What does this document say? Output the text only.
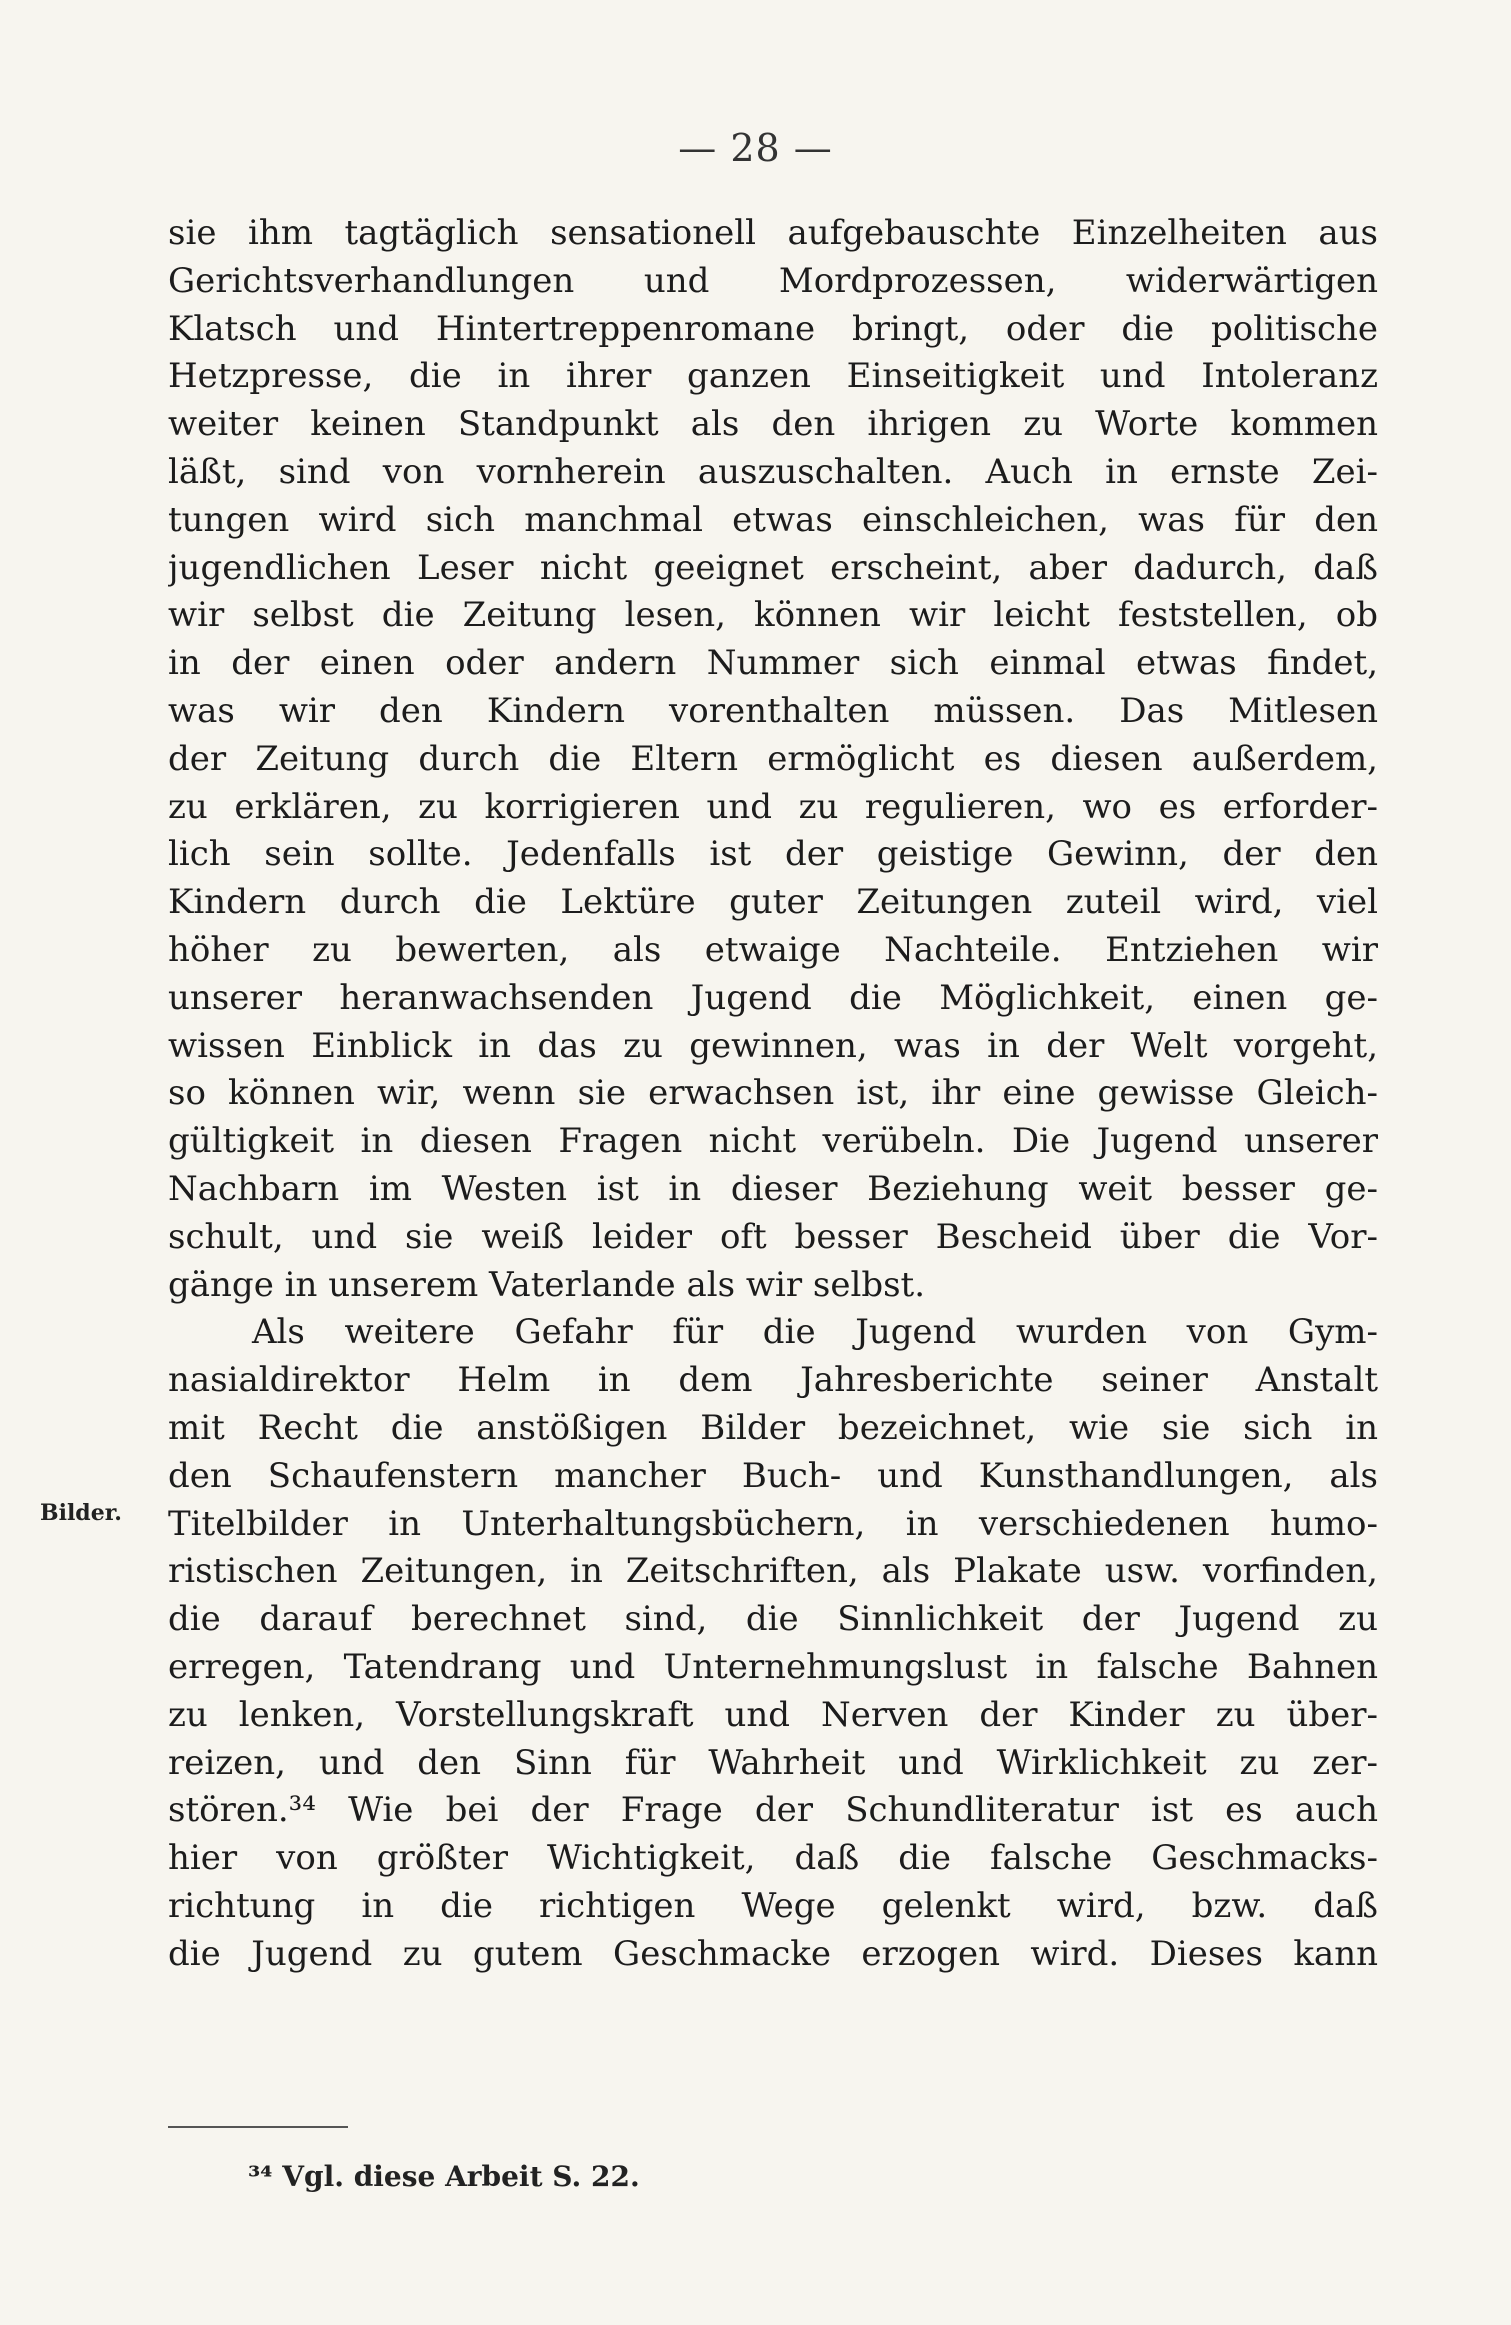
— 28 —
Bilder.
sie ihm tagtäglich sensationell aufgebauschte Einzelheiten aus
Gerichtsverhandlungen und Mordprozessen, widerwärtigen
Klatsch und Hintertreppenromane bringt, oder die politische
Hetzpresse, die in ihrer ganzen Einseitigkeit und Intoleranz
weiter keinen Standpunkt als den ihrigen zu Worte kommen
läßt, sind von vornherein auszuschalten. Auch in ernste Zei-
tungen wird sich manchmal etwas einschleichen, was für den
jugendlichen Leser nicht geeignet erscheint, aber dadurch, daß
wir selbst die Zeitung lesen, können wir leicht feststellen, ob
in der einen oder andern Nummer sich einmal etwas findet,
was wir den Kindern vorenthalten müssen. Das Mitlesen
der Zeitung durch die Eltern ermöglicht es diesen außerdem,
zu erklären, zu korrigieren und zu regulieren, wo es erforder-
lich sein sollte. Jedenfalls ist der geistige Gewinn, der den
Kindern durch die Lektüre guter Zeitungen zuteil wird, viel
höher zu bewerten, als etwaige Nachteile. Entziehen wir
unserer heranwachsenden Jugend die Möglichkeit, einen ge-
wissen Einblick in das zu gewinnen, was in der Welt vorgeht,
so können wir, wenn sie erwachsen ist, ihr eine gewisse Gleich-
gültigkeit in diesen Fragen nicht verübeln. Die Jugend unserer
Nachbarn im Westen ist in dieser Beziehung weit besser ge-
schult, und sie weiß leider oft besser Bescheid über die Vor-
gänge in unserem Vaterlande als wir selbst.
Als weitere Gefahr für die Jugend wurden von Gym-
nasialdirektor Helm in dem Jahresberichte seiner Anstalt
mit Recht die anstößigen Bilder bezeichnet, wie sie sich in
den Schaufenstern mancher Buch- und Kunsthandlungen, als
Titelbilder in Unterhaltungsbüchern, in verschiedenen humo-
ristischen Zeitungen, in Zeitschriften, als Plakate usw. vorfinden,
die darauf berechnet sind, die Sinnlichkeit der Jugend zu
erregen, Tatendrang und Unternehmungslust in falsche Bahnen
zu lenken, Vorstellungskraft und Nerven der Kinder zu über-
reizen, und den Sinn für Wahrheit und Wirklichkeit zu zer-
stören.³⁴ Wie bei der Frage der Schundliteratur ist es auch
hier von größter Wichtigkeit, daß die falsche Geschmacks-
richtung in die richtigen Wege gelenkt wird, bzw. daß
die Jugend zu gutem Geschmacke erzogen wird. Dieses kann
³⁴ Vgl. diese Arbeit S. 22.
